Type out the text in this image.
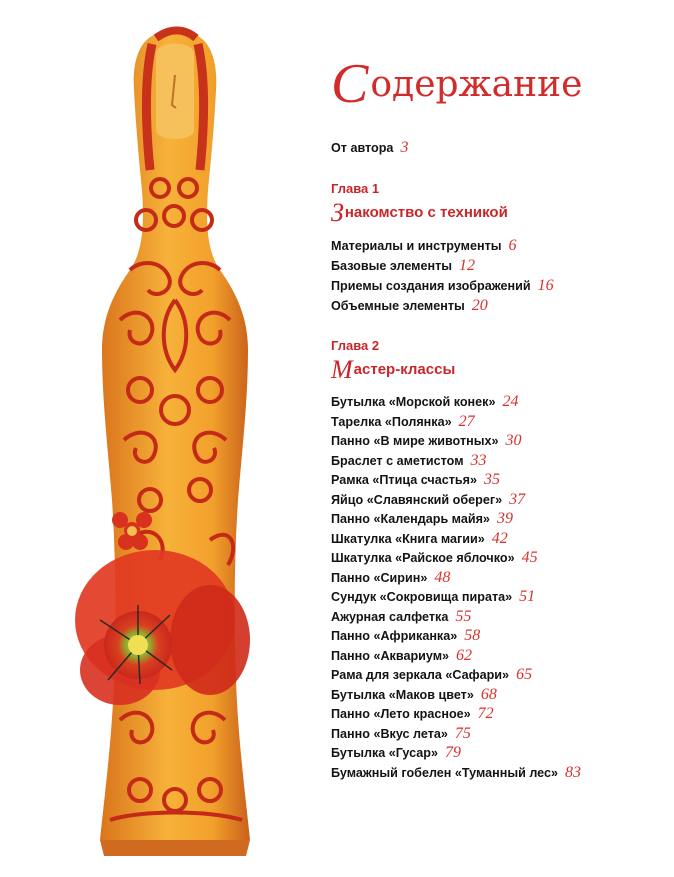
Содержание
От автора 3
Глава 1
Знакомство с техникой
Материалы и инструменты 6
Базовые элементы 12
Приемы создания изображений 16
Объемные элементы 20
Глава 2
Мастер-классы
Бутылка «Морской конек» 24
Тарелка «Полянка» 27
Панно «В мире животных» 30
Браслет с аметистом 33
Рамка «Птица счастья» 35
Яйцо «Славянский оберег» 37
Панно «Календарь майя» 39
Шкатулка «Книга магии» 42
Шкатулка «Райское яблочко» 45
Панно «Сирин» 48
Сундук «Сокровища пирата» 51
Ажурная салфетка 55
Панно «Африканка» 58
Панно «Аквариум» 62
Рама для зеркала «Сафари» 65
Бутылка «Маков цвет» 68
Панно «Лето красное» 72
Панно «Вкус лета» 75
Бутылка «Гусар» 79
Бумажный гобелен «Туманный лес» 83
